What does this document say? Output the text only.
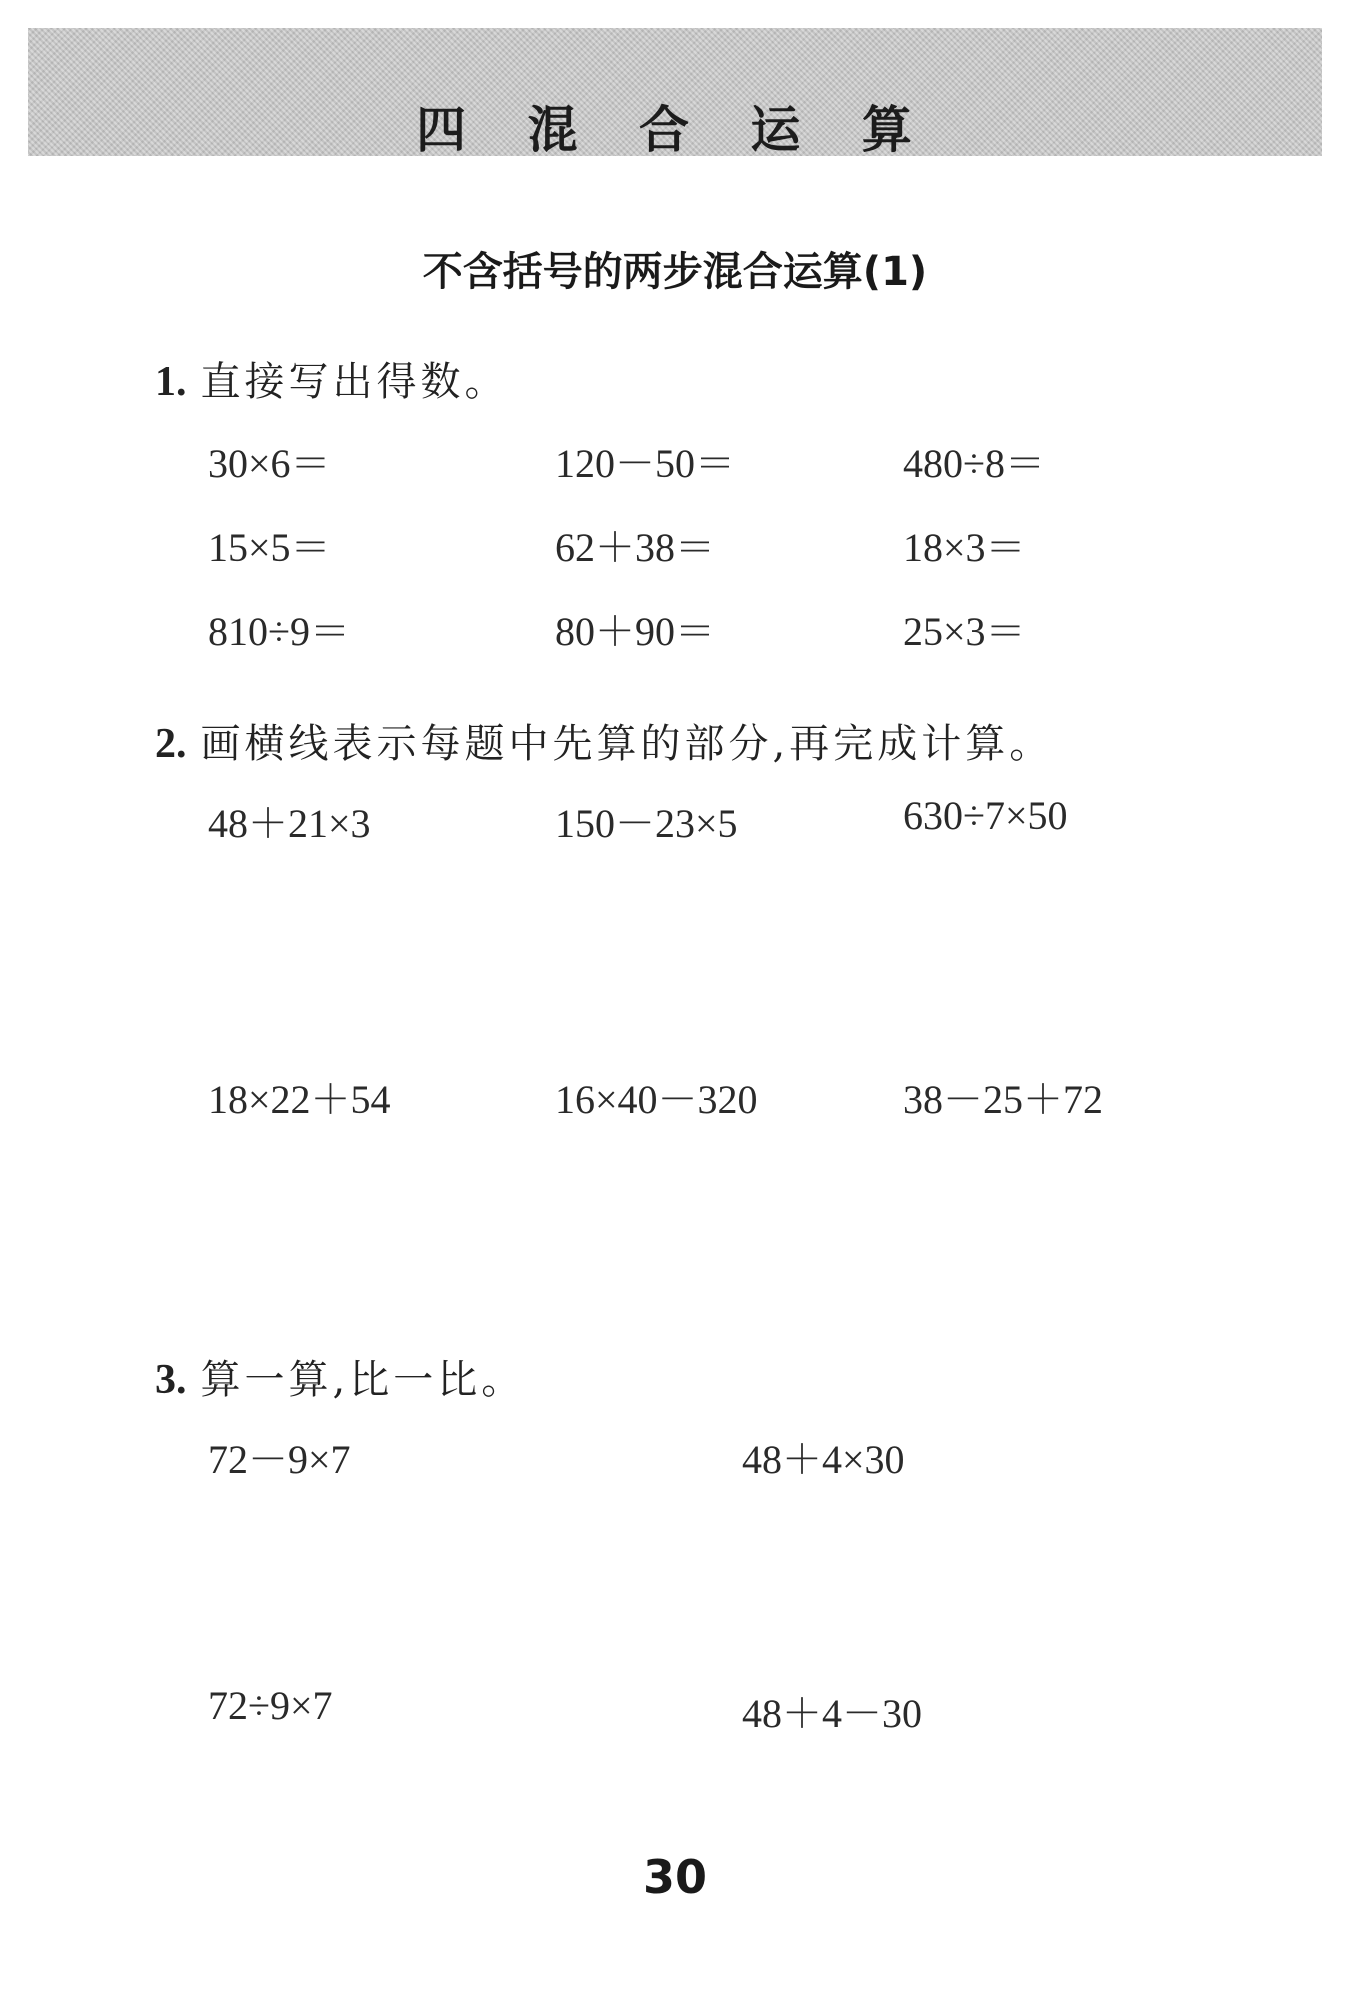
四 混 合 运 算
不含括号的两步混合运算(1)
1. 直接写出得数。
30×6＝	120－50＝	480÷8＝
15×5＝	62＋38＝	18×3＝
810÷9＝	80＋90＝	25×3＝
2. 画横线表示每题中先算的部分,再完成计算。
48＋21×3	150－23×5	630÷7×50
18×22＋54	16×40－320	38－25＋72
3. 算一算,比一比。
72－9×7	48＋4×30
72÷9×7	48＋4－30
30
